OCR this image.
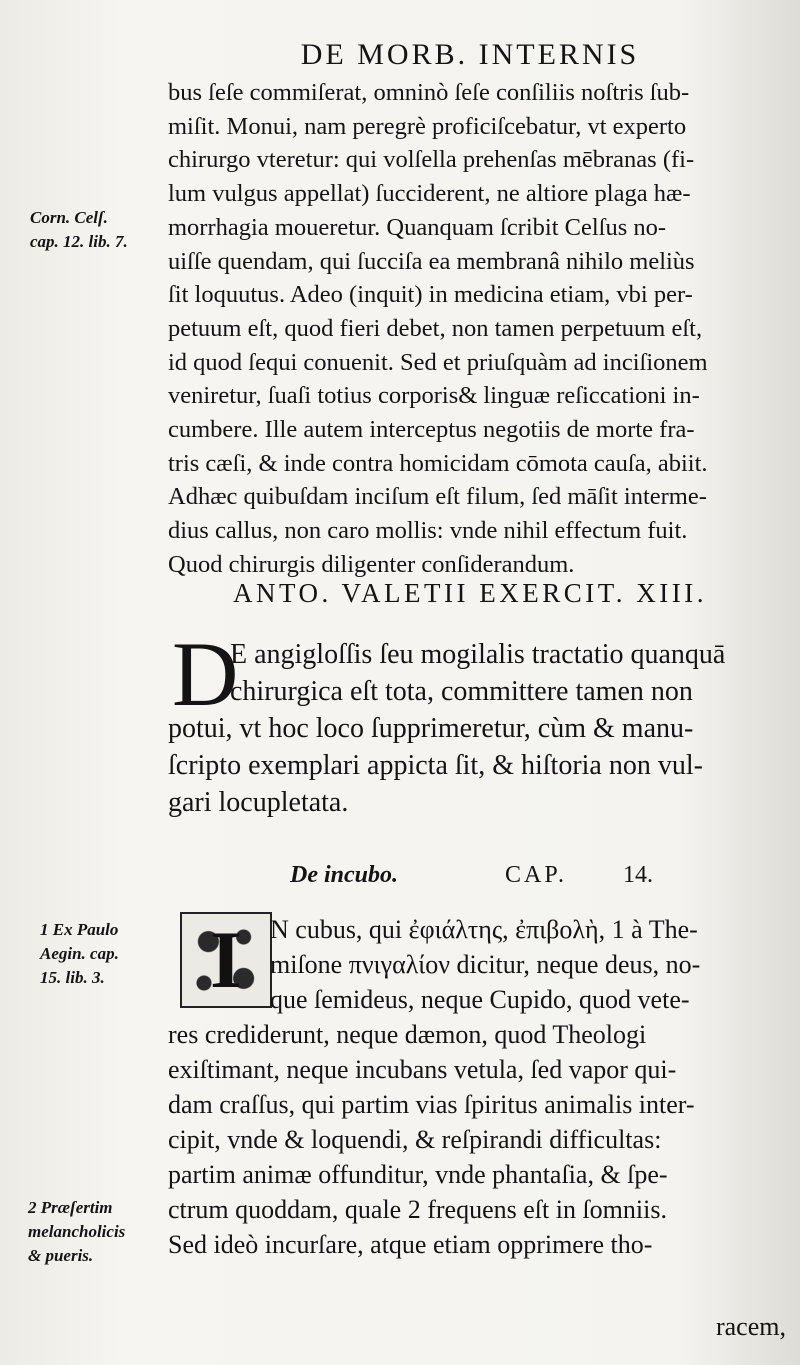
DE MORB. INTERNIS
bus ſeſe commiſerat, omninò ſeſe conſiliis noſtris ſub-
miſit. Monui, nam peregrè proficiſcebatur, vt experto
chirurgo vteretur: qui volſella prehenſas mēbranas (fi-
lum vulgus appellat) ſucciderent, ne altiore plaga hæ-
morrhagia moueretur. Quanquam ſcribit Celſus no-
uiſſe quendam, qui ſucciſa ea membranâ nihilo meliùs
ſit loquutus. Adeo (inquit) in medicina etiam, vbi per-
petuum eſt, quod fieri debet, non tamen perpetuum eſt,
id quod ſequi conuenit. Sed et priuſquàm ad inciſionem
veniretur, ſuaſi totius corporis& linguæ reſiccationi in-
cumbere. Ille autem interceptus negotiis de morte fra-
tris cæſi, & inde contra homicidam cōmota cauſa, abiit.
Adhæc quibuſdam inciſum eſt filum, ſed māſit interme-
dius callus, non caro mollis: vnde nihil effectum fuit.
Quod chirurgis diligenter conſiderandum.
Corn. Celſ.
cap. 12. lib. 7.
ANTO. VALETII EXERCIT. XIII.
D
E angigloſſis ſeu mogilalis tractatio quanquā
chirurgica eſt tota, committere tamen non
potui, vt hoc loco ſupprimeretur, cùm & manu-
ſcripto exemplari appicta ſit, & hiſtoria non vul-
gari locupletata.
De incubo.	CAP. 14.
1 Ex Paulo
Aegin. cap.
15. lib. 3. I	N cubus, qui ἐφιάλτης, ἐπιβολὴ, 1 à The-
miſone πνιγαλίον dicitur, neque deus, no-
que ſemideus, neque Cupido, quod vete-
res crediderunt, neque dæmon, quod Theologi
exiſtimant, neque incubans vetula, ſed vapor qui-
dam craſſus, qui partim vias ſpiritus animalis inter-
cipit, vnde & loquendi, & reſpirandi difficultas:
partim animæ offunditur, vnde phantaſia, & ſpe-
ctrum quoddam, quale 2 frequens eſt in ſomniis.
Sed ideò incurſare, atque etiam opprimere tho-
2 Præſertim
melancholicis
& pueris.
racem,
